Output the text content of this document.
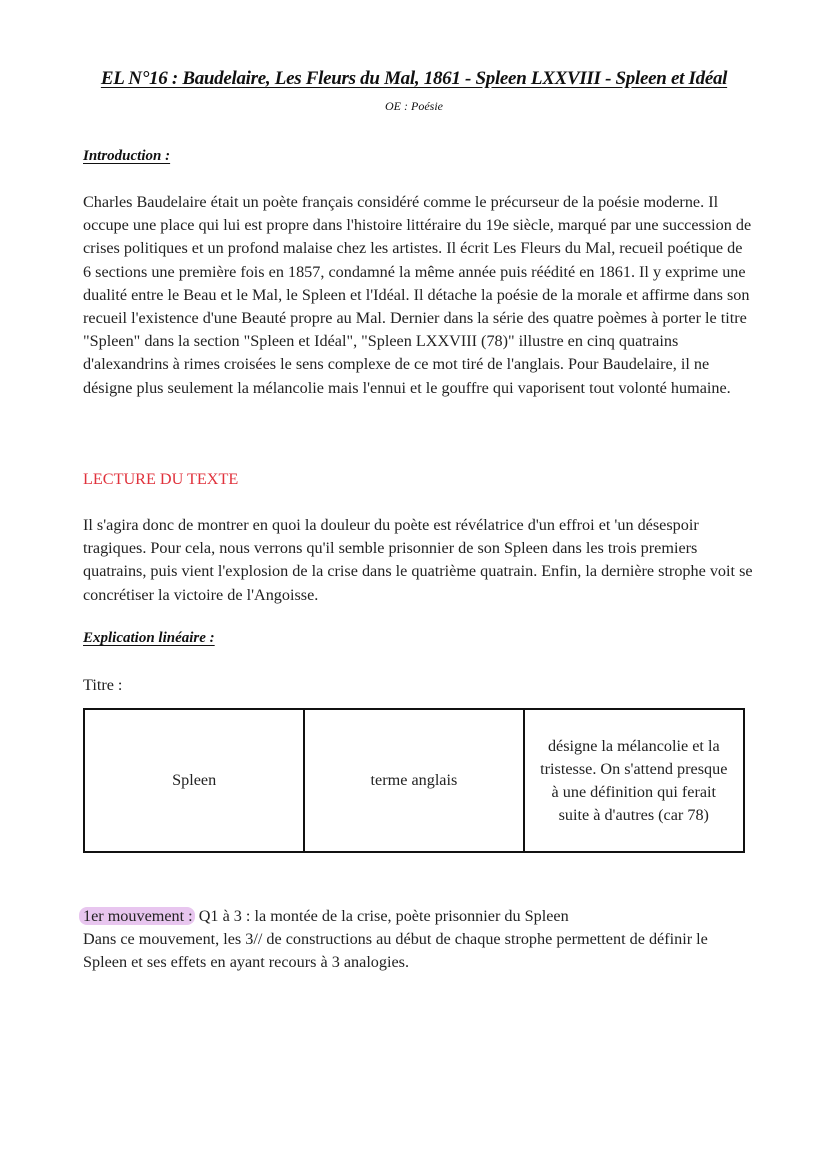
EL N°16 : Baudelaire, Les Fleurs du Mal, 1861 - Spleen LXXVIII - Spleen et Idéal
OE : Poésie
Introduction :
Charles Baudelaire était un poète français considéré comme le précurseur de la poésie moderne. Il occupe une place qui lui est propre dans l'histoire littéraire du 19e siècle, marqué par une succession de crises politiques et un profond malaise chez les artistes. Il écrit Les Fleurs du Mal, recueil poétique de 6 sections une première fois en 1857, condamné la même année puis réédité en 1861. Il y exprime une dualité entre le Beau et le Mal, le Spleen et l'Idéal. Il détache la poésie de la morale et affirme dans son recueil l'existence d'une Beauté propre au Mal. Dernier dans la série des quatre poèmes à porter le titre "Spleen" dans la section "Spleen et Idéal", "Spleen LXXVIII (78)" illustre en cinq quatrains d'alexandrins à rimes croisées le sens complexe de ce mot tiré de l'anglais. Pour Baudelaire, il ne désigne plus seulement la mélancolie mais l'ennui et le gouffre qui vaporisent tout volonté humaine.
LECTURE DU TEXTE
Il s'agira donc de montrer en quoi la douleur du poète est révélatrice d'un effroi et 'un désespoir tragiques. Pour cela, nous verrons qu'il semble prisonnier de son Spleen dans les trois premiers quatrains, puis vient l'explosion de la crise dans le quatrième quatrain. Enfin, la dernière strophe voit se concrétiser la victoire de l'Angoisse.
Explication linéaire :
Titre :
Spleen	terme anglais	désigne la mélancolie et la tristesse. On s'attend presque à une définition qui ferait suite à d'autres (car 78)
1er mouvement : Q1 à 3 : la montée de la crise, poète prisonnier du Spleen
Dans ce mouvement, les 3// de constructions au début de chaque strophe permettent de définir le Spleen et ses effets en ayant recours à 3 analogies.
